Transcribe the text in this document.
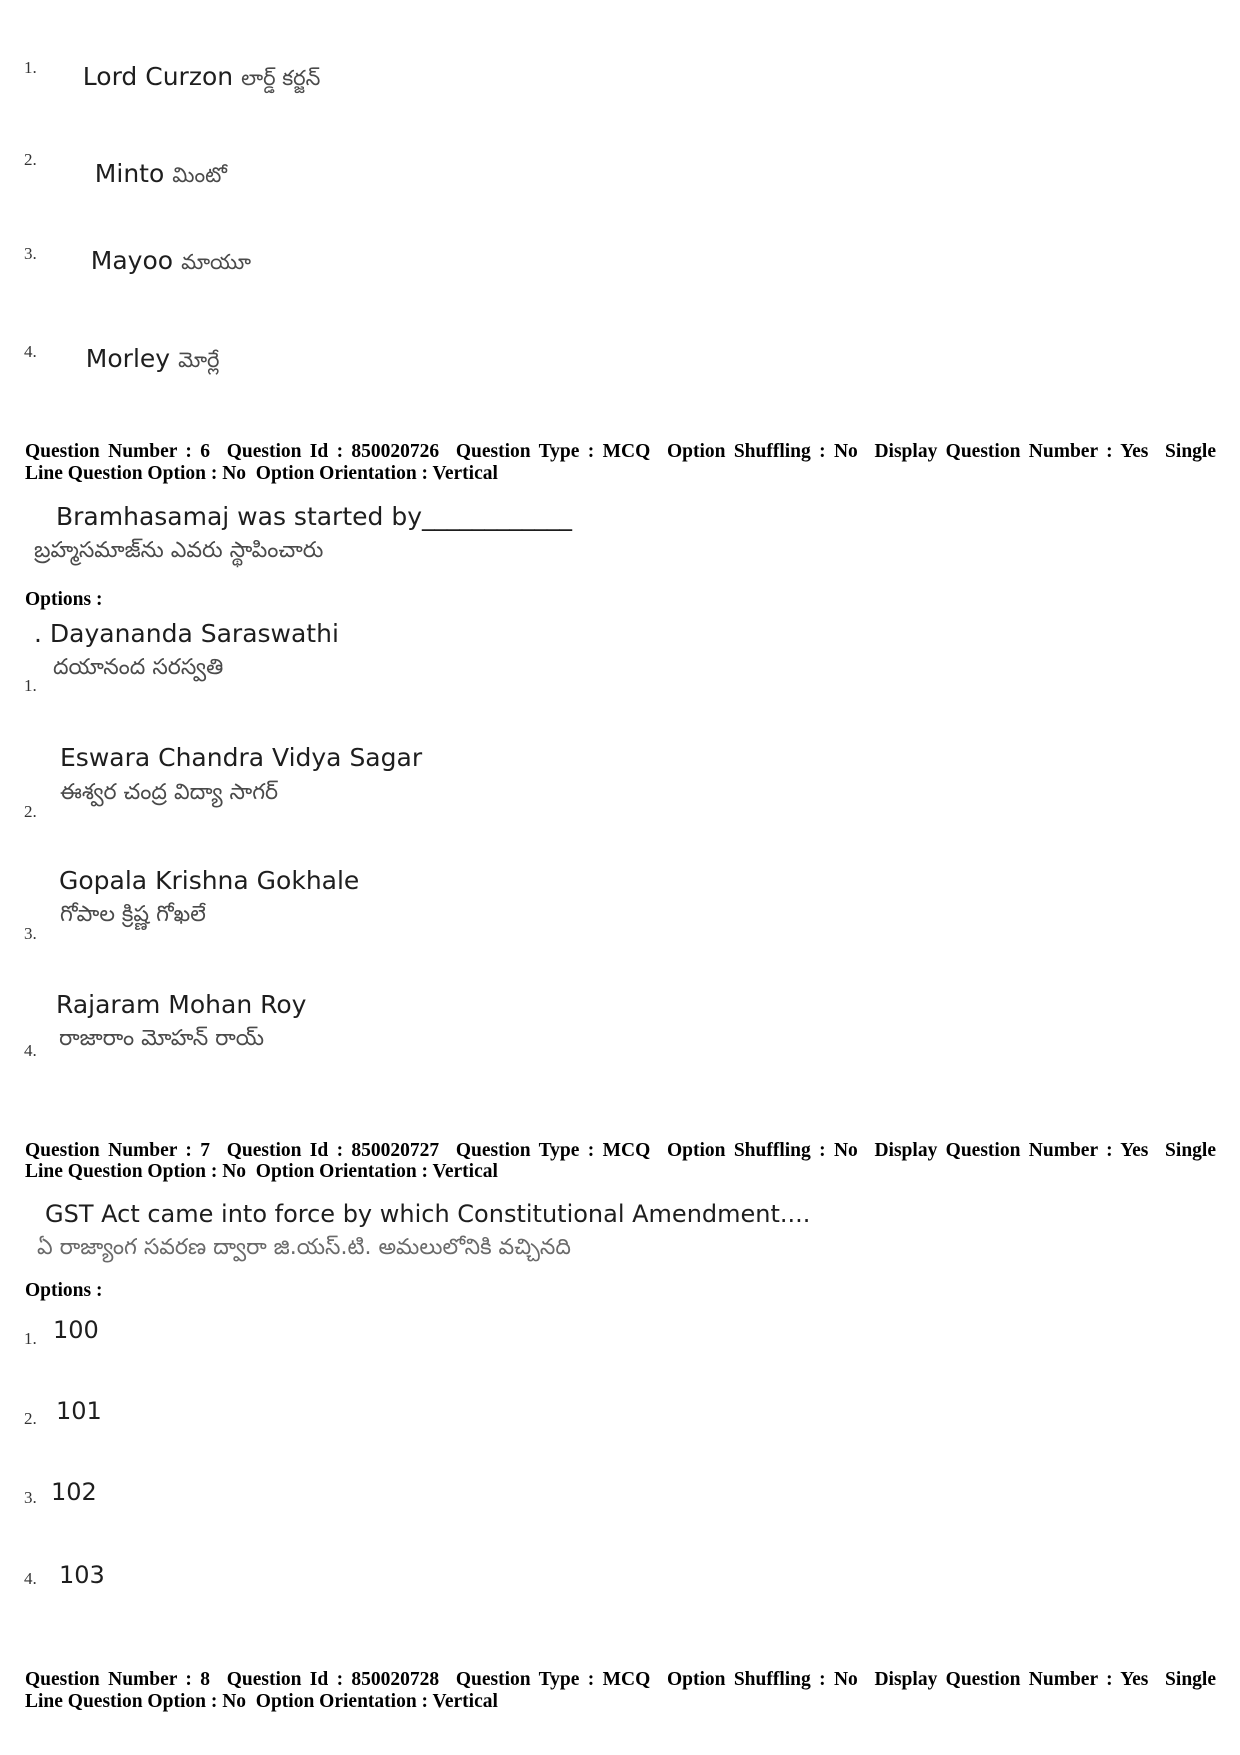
Lord Curzon లార్డ్ కర్జన్

1.

Minto మింటో

2.

Mayoo మాయూ

3.

Morley మోర్లే

4.
Question Number : 6  Question Id : 850020726  Question Type : MCQ  Option Shuffling : No  Display Question Number : Yes  Single
Line Question Option : No  Option Orientation : Vertical
Bramhasamaj was started by____________
బ్రహ్మసమాజ్‌ను ఎవరు స్థాపించారు
Options :
. Dayananda Saraswathi
దయానంద సరస్వతి
1.
Eswara Chandra Vidya Sagar
ఈశ్వర చంద్ర విద్యా సాగర్
2.
Gopala Krishna Gokhale
గోపాల క్రిష్ణ గోఖలే
3.
Rajaram Mohan Roy
రాజారాం మోహన్ రాయ్
4.
Question Number : 7  Question Id : 850020727  Question Type : MCQ  Option Shuffling : No  Display Question Number : Yes  Single
Line Question Option : No  Option Orientation : Vertical
GST Act came into force by which Constitutional Amendment....
ఏ రాజ్యాంగ సవరణ ద్వారా జి.యస్.టి. అమలులోనికి వచ్చినది
Options :
100
1.
101
2.
102
3.
103
4.
Question Number : 8  Question Id : 850020728  Question Type : MCQ  Option Shuffling : No  Display Question Number : Yes  Single
Line Question Option : No  Option Orientation : Vertical
